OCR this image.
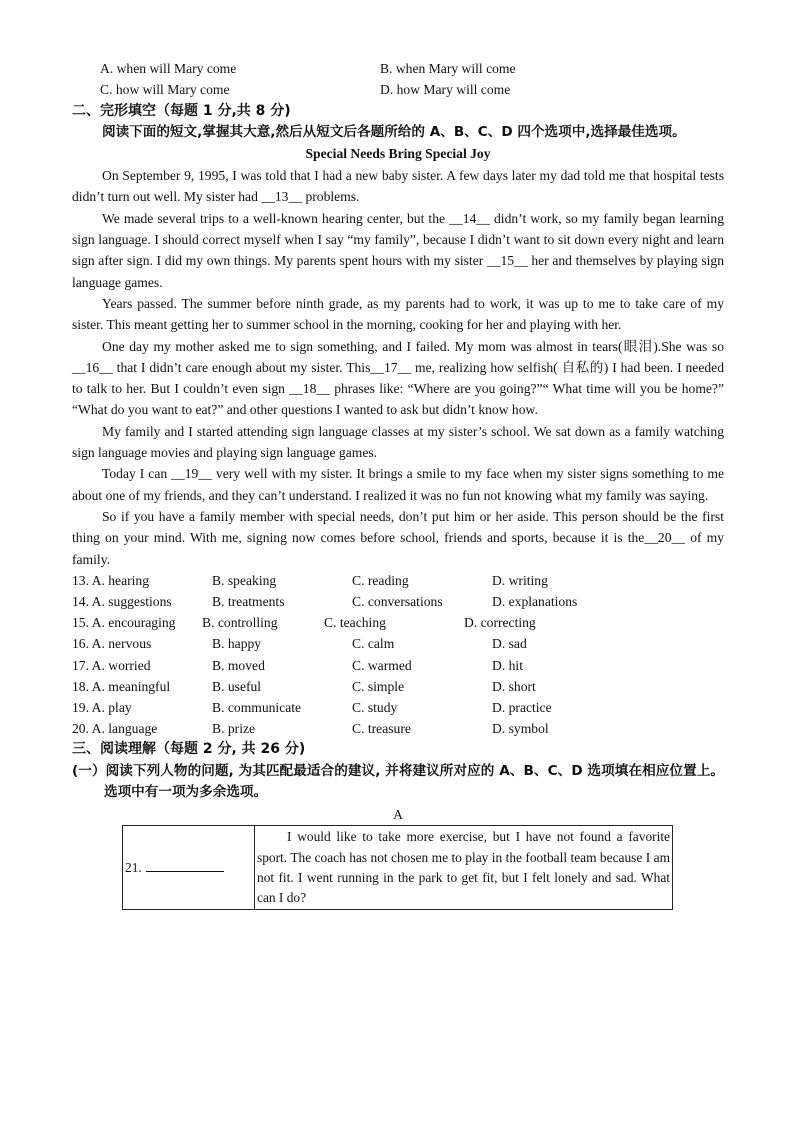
A. when will Mary come	B. when Mary will come
C. how will Mary come	D. how Mary will come
二、完形填空（每题 1 分,共 8 分)
阅读下面的短文,掌握其大意,然后从短文后各题所给的 A、B、C、D 四个选项中,选择最佳选项。
Special Needs Bring Special Joy
On September 9, 1995, I was told that I had a new baby sister. A few days later my dad told me that hospital tests didn’t turn out well. My sister had __13__ problems.
We made several trips to a well-known hearing center, but the __14__ didn’t work, so my family began learning sign language. I should correct myself when I say “my family”, because I didn’t want to sit down every night and learn sign after sign. I did my own things. My parents spent hours with my sister __15__ her and themselves by playing sign language games.
Years passed. The summer before ninth grade, as my parents had to work, it was up to me to take care of my sister. This meant getting her to summer school in the morning, cooking for her and playing with her.
One day my mother asked me to sign something, and I failed. My mom was almost in tears(眼泪).She was so __16__ that I didn’t care enough about my sister. This__17__ me, realizing how selfish( 自私的) I had been. I needed to talk to her. But I couldn’t even sign __18__ phrases like: “Where are you going?”“ What time will you be home?” “What do you want to eat?” and other questions I wanted to ask but didn’t know how.
My family and I started attending sign language classes at my sister’s school. We sat down as a family watching sign language movies and playing sign language games.
Today I can __19__ very well with my sister. It brings a smile to my face when my sister signs something to me about one of my friends, and they can’t understand. I realized it was no fun not knowing what my family was saying.
So if you have a family member with special needs, don’t put him or her aside. This person should be the first thing on your mind. With me, signing now comes before school, friends and sports, because it is the__20__ of my family.
13. A. hearing	B. speaking	C. reading	D. writing
14. A. suggestions	B. treatments	C. conversations	D. explanations
15. A. encouraging	B. controlling	C. teaching	D. correcting
16. A. nervous	B. happy	C. calm	D. sad
17. A. worried	B. moved	C. warmed	D. hit
18. A. meaningful	B. useful	C. simple	D. short
19. A. play	B. communicate	C. study	D. practice
20. A. language	B. prize	C. treasure	D. symbol
三、阅读理解（每题 2 分, 共 26 分)
(一）阅读下列人物的问题, 为其匹配最适合的建议, 并将建议所对应的 A、B、C、D 选项填在相应位置上。选项中有一项为多余选项。
A
21.	I would like to take more exercise, but I have not found a favorite sport. The coach has not chosen me to play in the football team because I am not fit. I went running in the park to get fit, but I felt lonely and sad. What can I do?
